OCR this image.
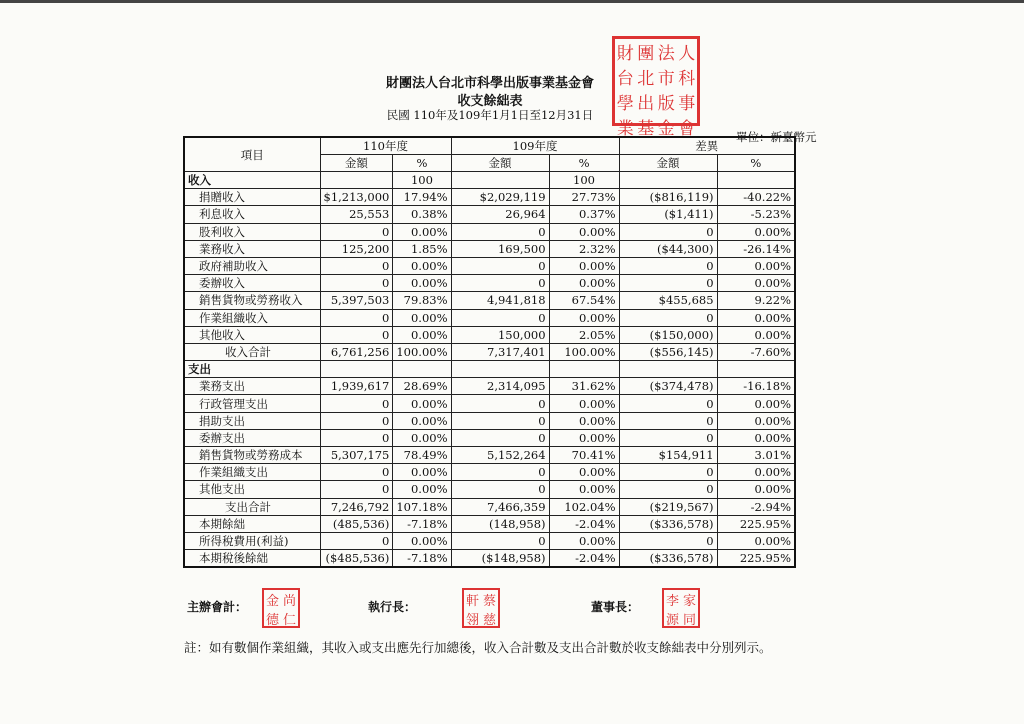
財團法人台北市科學出版事業基金會
收支餘絀表
民國 110年及109年1月1日至12月31日
財 團 法 人
台 北 市 科
學 出 版 事
業 基 金 會	單位：新臺幣元
項目	110年度		109年度		差異	
	金額	%	金額	%	金額	%
收入		100		100		
捐贈收入	$1,213,000	17.94%	$2,029,119	27.73%	($816,119)	-40.22%
利息收入	25,553	0.38%	26,964	0.37%	($1,411)	-5.23%
股利收入	0	0.00%	0	0.00%	0	0.00%
業務收入	125,200	1.85%	169,500	2.32%	($44,300)	-26.14%
政府補助收入	0	0.00%	0	0.00%	0	0.00%
委辦收入	0	0.00%	0	0.00%	0	0.00%
銷售貨物或勞務收入	5,397,503	79.83%	4,941,818	67.54%	$455,685	9.22%
作業組織收入	0	0.00%	0	0.00%	0	0.00%
其他收入	0	0.00%	150,000	2.05%	($150,000)	0.00%
收入合計	6,761,256	100.00%	7,317,401	100.00%	($556,145)	-7.60%
支出						
業務支出	1,939,617	28.69%	2,314,095	31.62%	($374,478)	-16.18%
行政管理支出	0	0.00%	0	0.00%	0	0.00%
捐助支出	0	0.00%	0	0.00%	0	0.00%
委辦支出	0	0.00%	0	0.00%	0	0.00%
銷售貨物或勞務成本	5,307,175	78.49%	5,152,264	70.41%	$154,911	3.01%
作業組織支出	0	0.00%	0	0.00%	0	0.00%
其他支出	0	0.00%	0	0.00%	0	0.00%
支出合計	7,246,792	107.18%	7,466,359	102.04%	($219,567)	-2.94%
本期餘絀	(485,536)	-7.18%	(148,958)	-2.04%	($336,578)	225.95%
所得稅費用(利益)	0	0.00%	0	0.00%	0	0.00%
本期稅後餘絀	($485,536)	-7.18%	($148,958)	-2.04%	($336,578)	225.95%
主辦會計： 金 尚
德 仁
執行長：	軒 蔡
翎 慈
董事長： 李 家
源 同
註：如有數個作業組織，其收入或支出應先行加總後，收入合計數及支出合計數於收支餘絀表中分別列示。
